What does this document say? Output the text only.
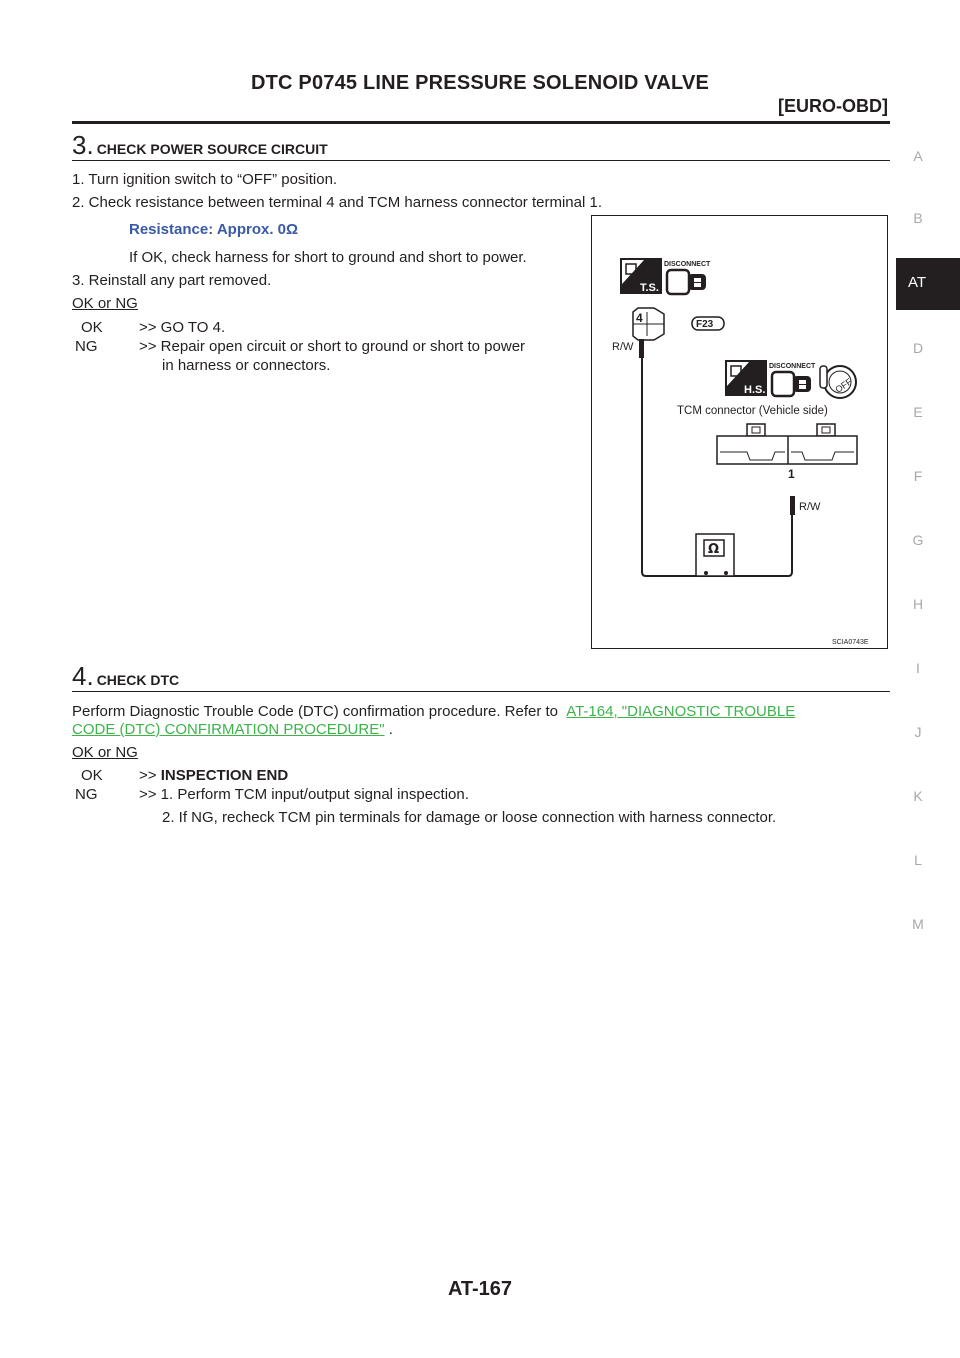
DTC P0745 LINE PRESSURE SOLENOID VALVE
[EURO-OBD]
A
B
AT
D
E
F
G
H
I
J
K
L
M
3. CHECK POWER SOURCE CIRCUIT
1. Turn ignition switch to “OFF” position.
2. Check resistance between terminal 4 and TCM harness connector terminal 1.
Resistance: Approx. 0Ω
If OK, check harness for short to ground and short to power.
3. Reinstall any part removed.
OK or NG
OK >> GO TO 4.
NG	>> Repair open circuit or short to ground or short to power
in harness or connectors.
T.S.
DISCONNECT
4	F23
R/W
H.S.
DISCONNECT
OFF
TCM connector (Vehicle side)
1
R/W
Ω
SCIA0743E
4. CHECK DTC
Perform Diagnostic Trouble Code (DTC) confirmation procedure. Refer to AT-164, "DIAGNOSTIC TROUBLE
CODE (DTC) CONFIRMATION PROCEDURE" .
OK or NG
OK >> INSPECTION END
NG	>> 1. Perform TCM input/output signal inspection.
2. If NG, recheck TCM pin terminals for damage or loose connection with harness connector.
AT-167
